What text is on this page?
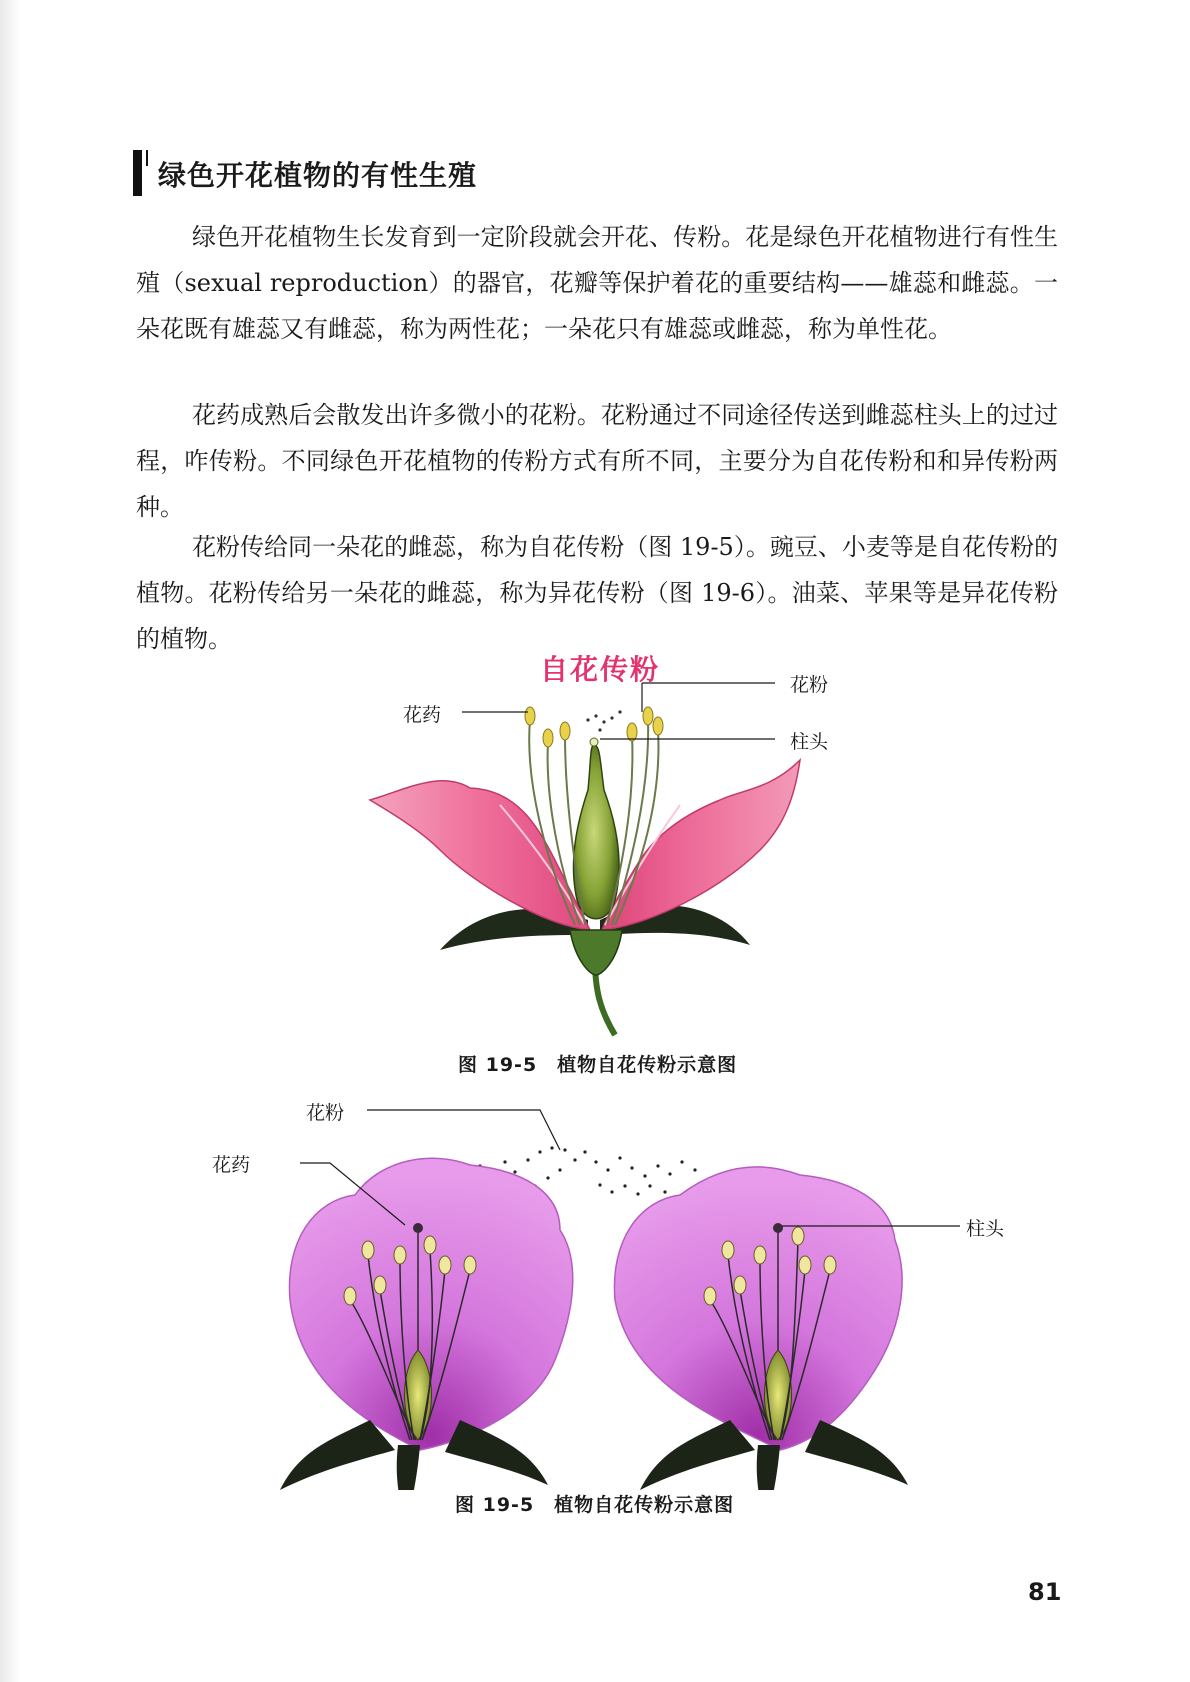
绿色开花植物的有性生殖

绿色开花植物生长发育到一定阶段就会开花、传粉。花是绿色开花植物进行有性生殖（sexual reproduction）的器官，花瓣等保护着花的重要结构——雄蕊和雌蕊。一朵花既有雄蕊又有雌蕊，称为两性花；一朵花只有雄蕊或雌蕊，称为单性花。

花药成熟后会散发出许多微小的花粉。花粉通过不同途径传送到雌蕊柱头上的过过程，咋传粉。不同绿色开花植物的传粉方式有所不同，主要分为自花传粉和和异传粉两种。

花粉传给同一朵花的雌蕊，称为自花传粉（图 19-5）。豌豆、小麦等是自花传粉的植物。花粉传给另一朵花的雌蕊，称为异花传粉（图 19-6）。油菜、苹果等是异花传粉的植物。

自花传粉
花药
花粉
柱头
图 19-5　植物自花传粉示意图
花粉
花药
柱头
图 19-5　植物自花传粉示意图
81
